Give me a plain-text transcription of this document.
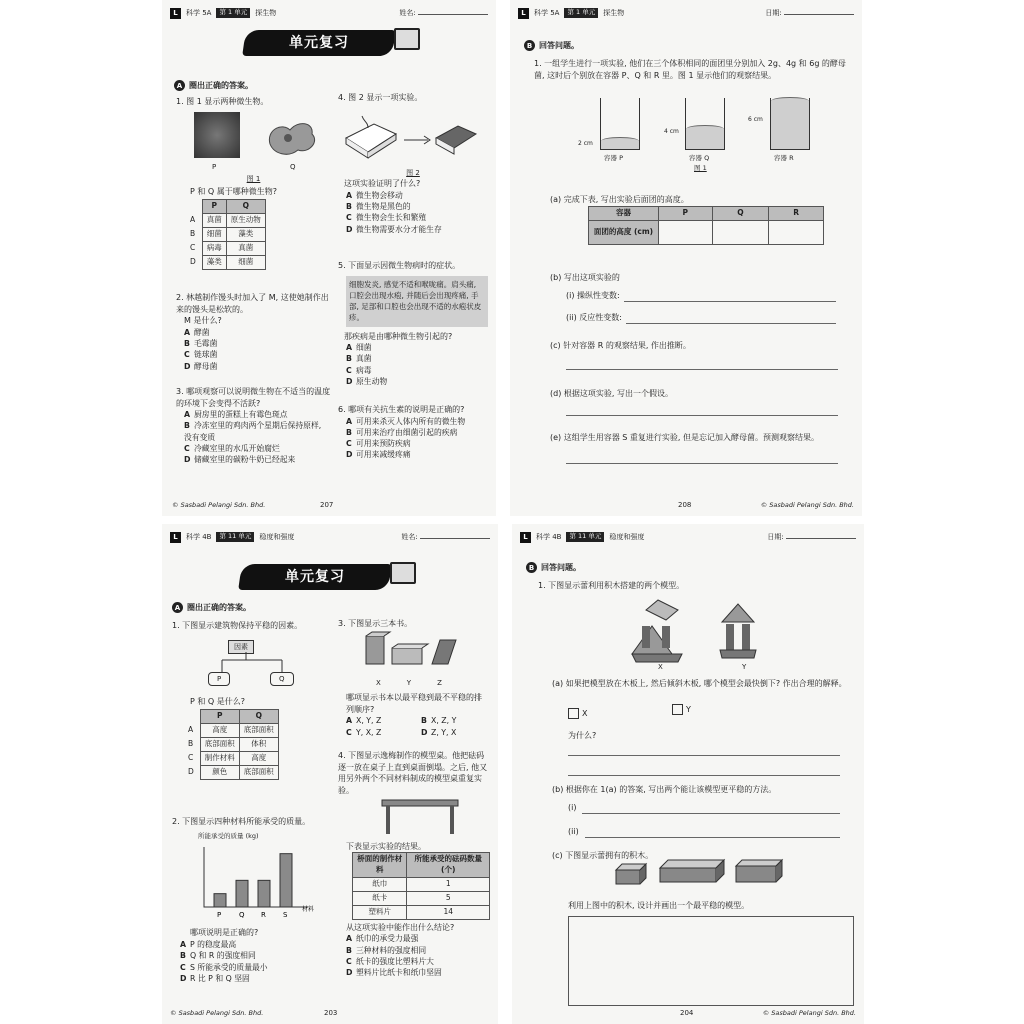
L	科学 5A	第 1 单元	探生物	姓名:
单元复习
A 圈出正确的答案。
1. 图 1 显示两种微生物。
P	Q
图 1
P 和 Q 属于哪种微生物?
	P	Q
A	真菌	原生动物
B	细菌	藻类
C	病毒	真菌
D	藻类	细菌
2. 林越制作馒头时加入了 M, 这使她制作出来的馒头是松软的。
M 是什么?
A 酵菌
B 毛霉菌
C 链球菌
D 酵母菌
3. 哪项观察可以说明微生物在不适当的温度的环境下会变得不活跃?
A 厨房里的蛋糕上有霉色斑点
B 冷冻室里的鸡肉两个星期后保持原样, 没有变质
C 冷藏室里的水瓜开始腐烂
D 储藏室里的碳粉牛奶已经起来
4. 图 2 显示一项实验。
图 2
这项实验证明了什么?
A 微生物会移动
B 微生物是黑色的
C 微生物会生长和繁殖
D 微生物需要水分才能生存
5. 下面显示因微生物病时的症状。
细胞发炎, 感觉不适和喉咙痛。肩头痛, 口腔会出现水疱, 并随后会出现疼痛, 手部, 足部和口腔也会出现不适的水疱状皮疹。
那疾病是由哪种微生物引起的?
A 细菌
B 真菌
C 病毒
D 原生动物
6. 哪项有关抗生素的说明是正确的?
A 可用来杀灭人体内所有的微生物
B 可用来治疗由细菌引起的疾病
C 可用来预防疾病
D 可用来减缓疼痛
© Sasbadi Pelangi Sdn. Bhd.	207
L	科学 5A	第 1 单元	探生物	日期:
B 回答问题。
1. 一组学生进行一项实验, 他们在三个体积相同的面团里分别加入 2g、4g 和 6g 的酵母菌, 这时后个别放在容器 P、Q 和 R 里。图 1 显示他们的观察结果。
2 cm
4 cm
6 cm
容器 P	容器 Q	容器 R
图 1
(a) 完成下表, 写出实验后面团的高度。
容器	P	Q	R
面团的高度 (cm)			
(b) 写出这项实验的
(i) 操纵性变数:
(ii) 反应性变数:
(c) 针对容器 R 的观察结果, 作出推断。
(d) 根据这项实验, 写出一个假设。
(e) 这组学生用容器 S 重复进行实验, 但是忘记加入酵母菌。预测观察结果。
208	© Sasbadi Pelangi Sdn. Bhd.
L	科学 4B	第 11 单元	稳度和强度	姓名:
单元复习
A 圈出正确的答案。
1. 下图显示建筑物保持平稳的因素。
因素
P	Q
P 和 Q 是什么?
	P	Q
A	高度	底部面积
B	底部面积	体积
C	制作材料	高度
D	颜色	底部面积
2. 下图显示四种材料所能承受的质量。
所能承受的质量 (kg)
P	Q R S
材料
哪项说明是正确的?
A P 的稳度最高
B Q 和 R 的强度相同
C S 所能承受的质量最小
D R 比 P 和 Q 坚固
3. 下图显示三本书。
X	Y	Z
哪项显示书本以最平稳到最不平稳的排列顺序?
A X, Y, Z	B X, Z, Y
C Y, X, Z	D Z, Y, X
4. 下图显示逸梅制作的模型桌。他把砝码逐一放在桌子上直到桌面倒塌。之后, 他又用另外两个不同材料制成的模型桌重复实验。
下表显示实验的结果。
桥面的制作材料	所能承受的砝码数量 (个)
纸巾	1
纸卡	5
塑料片	14
从这项实验中能作出什么结论?
A 纸巾的承受力最强
B 三种材料的强度相同
C 纸卡的强度比塑料片大
D 塑料片比纸卡和纸巾坚固
© Sasbadi Pelangi Sdn. Bhd.	203
L	科学 4B	第 11 单元	稳度和强度	日期:
B 回答问题。
1. 下图显示蕾利用积木搭建的两个模型。
X	Y
(a) 如果把模型放在木板上, 然后倾斜木板, 哪个模型会最快倒下? 作出合理的解释。
X	Y
为什么?
(b) 根据你在 1(a) 的答案, 写出两个能让该模型更平稳的方法。
(i)
(ii)
(c) 下图显示蕾拥有的积木。
利用上图中的积木, 设计并画出一个最平稳的模型。
204	© Sasbadi Pelangi Sdn. Bhd.
